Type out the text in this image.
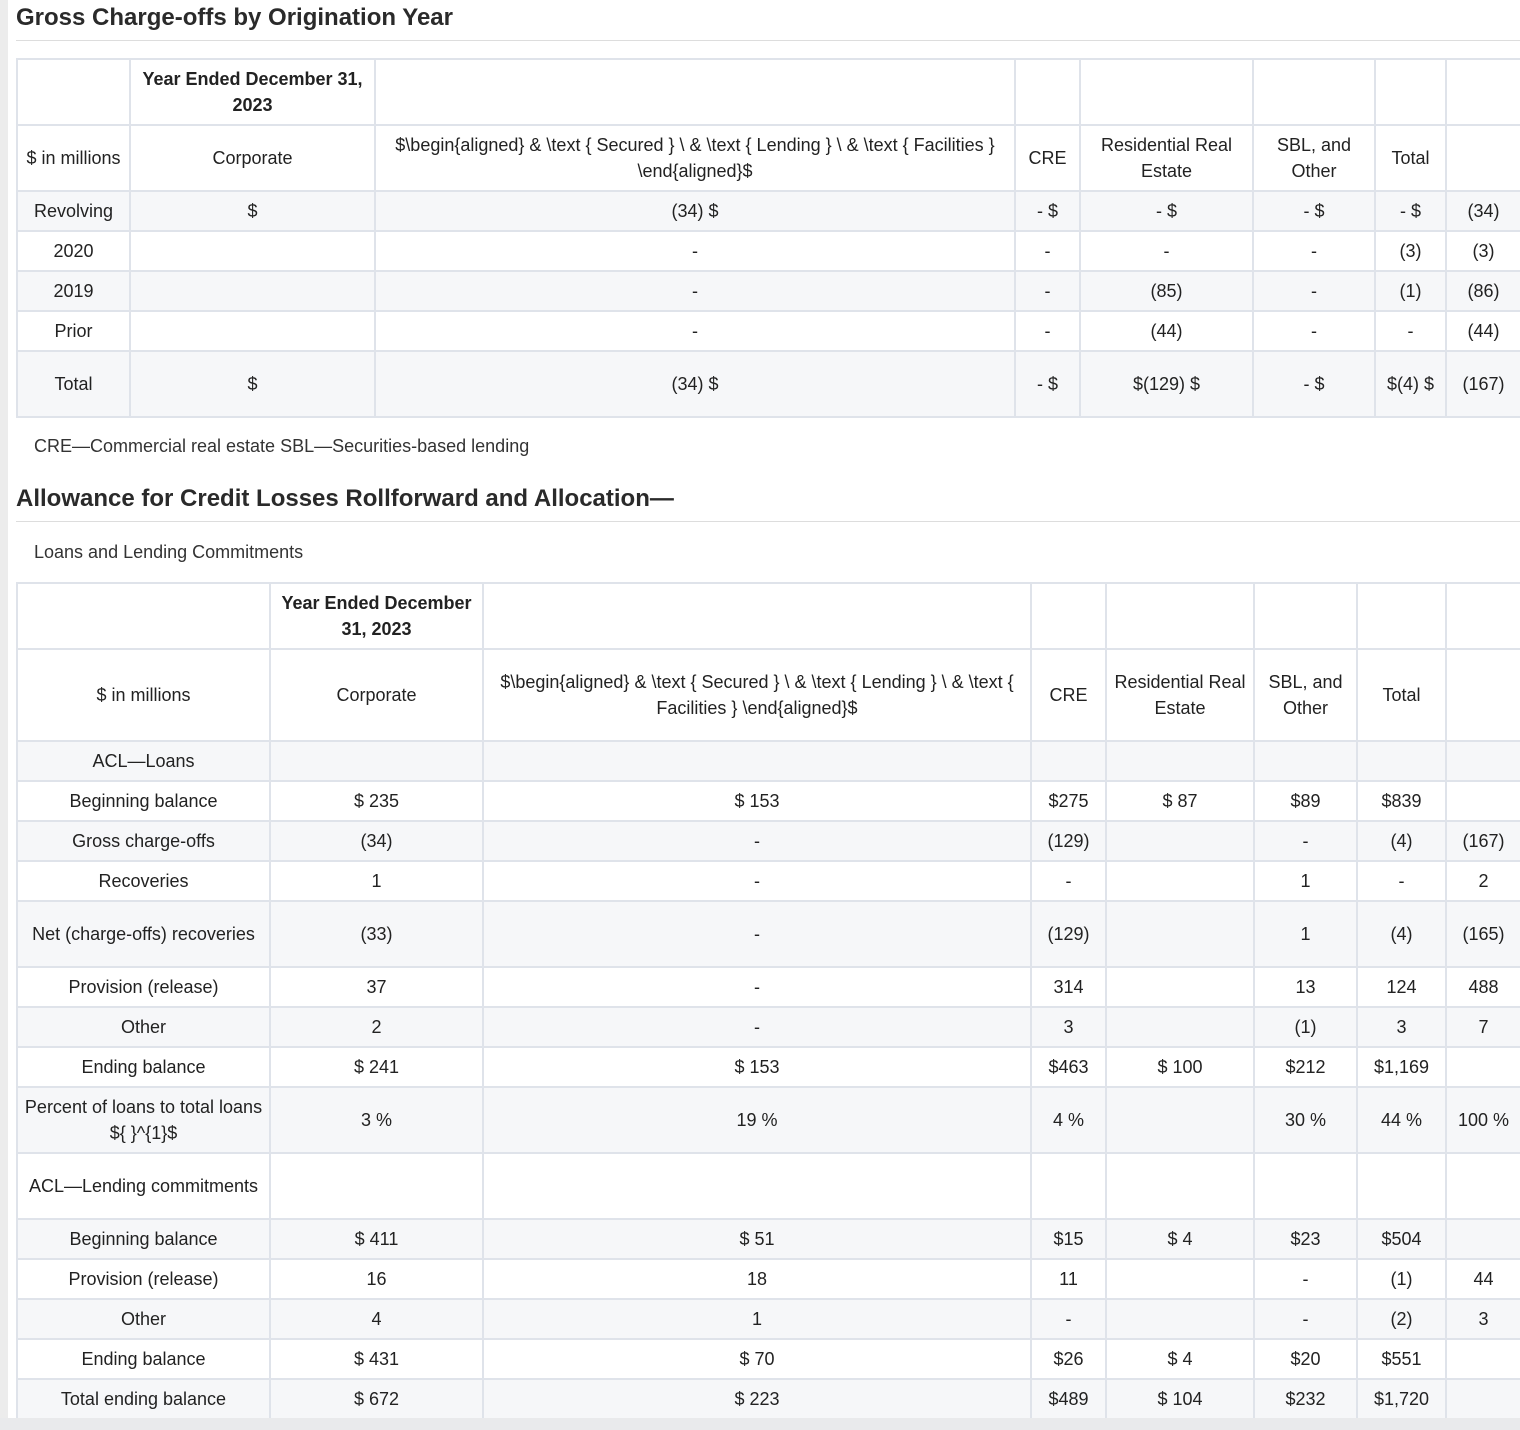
Gross Charge-offs by Origination Year
	Year Ended December 31, 2023						
$ in millions	Corporate	$\begin{aligned} & \text { Secured } \ & \text { Lending } \ & \text { Facilities } \end{aligned}$	CRE	Residential Real Estate	SBL, and Other	Total	
Revolving	$	(34) $	- $	- $	- $	- $	(34)
2020		-	-	-	-	(3)	(3)
2019		-	-	(85)	-	(1)	(86)
Prior		-	-	(44)	-	-	(44)
Total	$	(34) $	- $	$(129) $	- $	$(4) $	(167)
CRE—Commercial real estate SBL—Securities-based lending
Allowance for Credit Losses Rollforward and Allocation—
Loans and Lending Commitments
	Year Ended December 31, 2023						
$ in millions	Corporate	$\begin{aligned} & \text { Secured } \ & \text { Lending } \ & \text { Facilities } \end{aligned}$	CRE	Residential Real Estate	SBL, and Other	Total	
ACL—Loans							
Beginning balance	$ 235	$ 153	$275	$ 87	$89	$839	
Gross charge-offs	(34)	-	(129)		-	(4)	(167)
Recoveries	1	-	-		1	-	2
Net (charge-offs) recoveries	(33)	-	(129)		1	(4)	(165)
Provision (release)	37	-	314		13	124	488
Other	2	-	3		(1)	3	7
Ending balance	$ 241	$ 153	$463	$ 100	$212	$1,169	
Percent of loans to total loans ${ }^{1}$	3 %	19 %	4 %		30 %	44 %	100 %
ACL—Lending commitments							
Beginning balance	$ 411	$ 51	$15	$ 4	$23	$504	
Provision (release)	16	18	11		-	(1)	44
Other	4	1	-		-	(2)	3
Ending balance	$ 431	$ 70	$26	$ 4	$20	$551	
Total ending balance	$ 672	$ 223	$489	$ 104	$232	$1,720	
